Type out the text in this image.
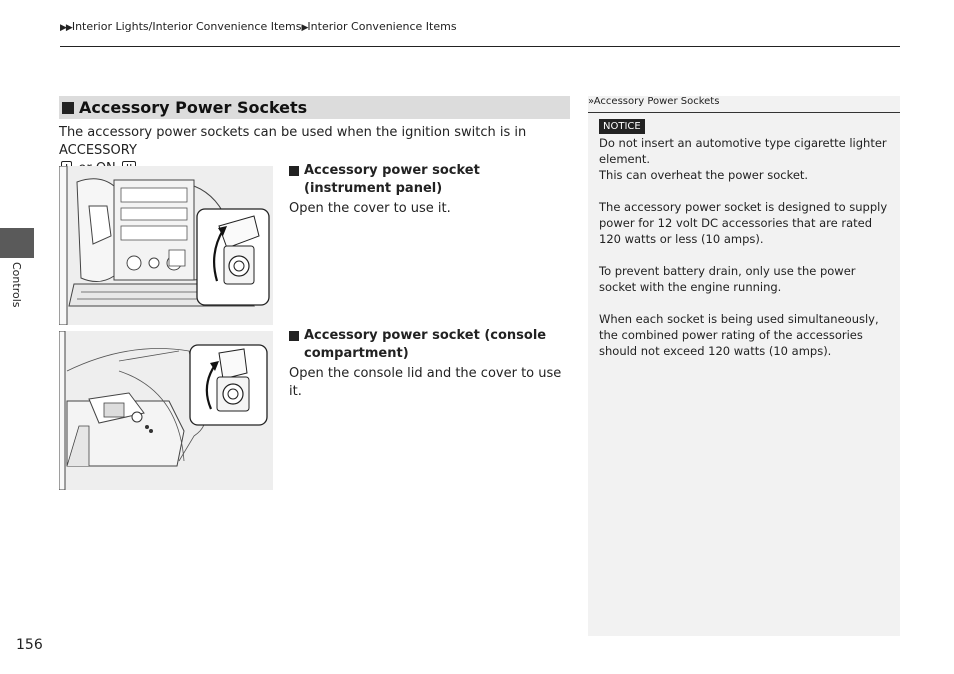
▶▶Interior Lights/Interior Convenience Items▶Interior Convenience Items
Controls
Accessory Power Sockets
The accessory power sockets can be used when the ignition switch is in ACCESSORY

Accessory power socket (instrument panel)
Open the cover to use it.
Accessory power socket (console compartment)
Open the console lid and the cover to use it.
»Accessory Power Sockets
NOTICE

Do not insert an automotive type cigarette lighter element.
This can overheat the power socket.

The accessory power socket is designed to supply power for 12 volt DC accessories that are rated 120 watts or less (10 amps).

To prevent battery drain, only use the power socket with the engine running.

When each socket is being used simultaneously, the combined power rating of the accessories should not exceed 120 watts (10 amps).

156
